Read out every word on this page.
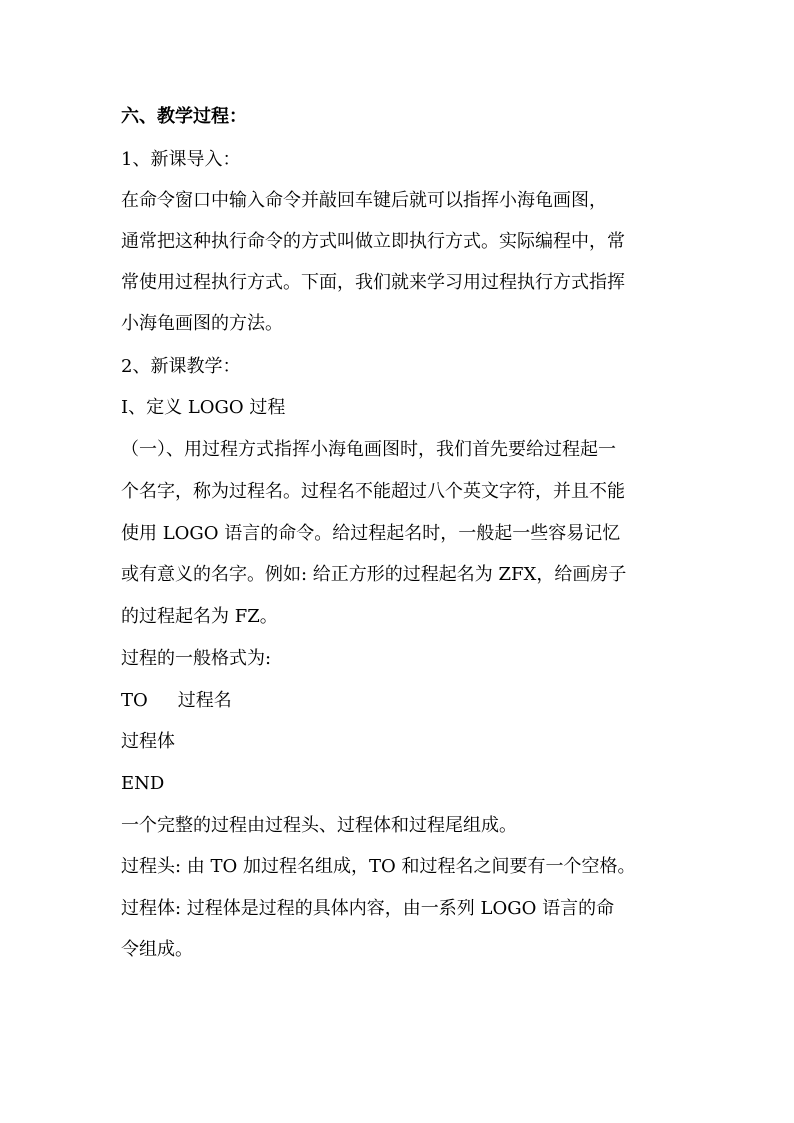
六、教学过程：
1、新课导入：
在命令窗口中输入命令并敲回车键后就可以指挥小海龟画图，
通常把这种执行命令的方式叫做立即执行方式。实际编程中，常
常使用过程执行方式。下面，我们就来学习用过程执行方式指挥
小海龟画图的方法。
2、新课教学：
Ⅰ、定义 LOGO 过程
（一）、用过程方式指挥小海龟画图时，我们首先要给过程起一
个名字，称为过程名。过程名不能超过八个英文字符，并且不能
使用 LOGO 语言的命令。给过程起名时，一般起一些容易记忆
或有意义的名字。例如: 给正方形的过程起名为 ZFX，给画房子
的过程起名为 FZ。
过程的一般格式为:
TO 过程名
过程体
END
一个完整的过程由过程头、过程体和过程尾组成。
过程头: 由 TO 加过程名组成，TO 和过程名之间要有一个空格。
过程体: 过程体是过程的具体内容，由一系列 LOGO 语言的命
令组成。
